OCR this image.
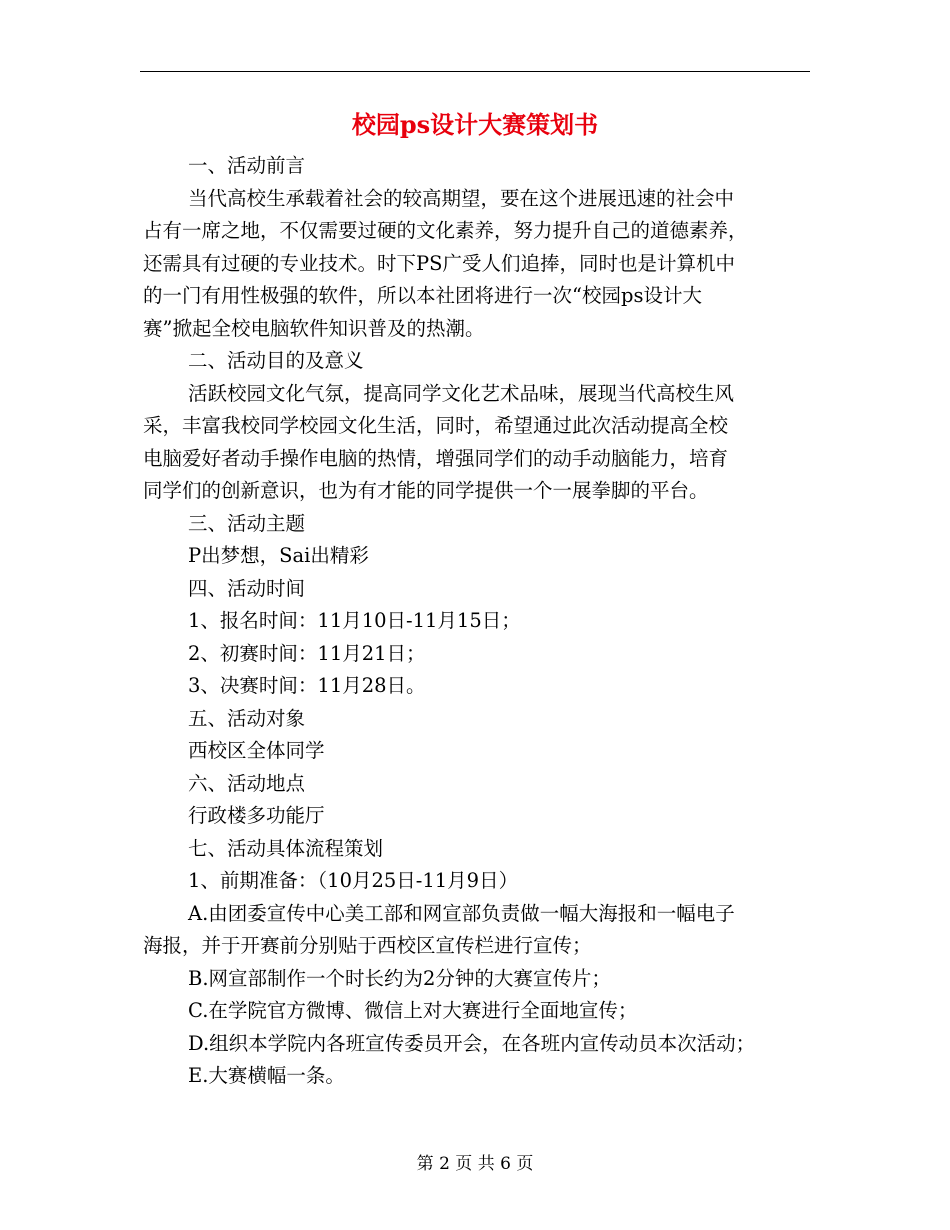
校园ps设计大赛策划书
一、活动前言
当代高校生承载着社会的较高期望，要在这个进展迅速的社会中
占有一席之地，不仅需要过硬的文化素养，努力提升自己的道德素养，
还需具有过硬的专业技术。时下PS广受人们追捧，同时也是计算机中
的一门有用性极强的软件，所以本社团将进行一次“校园ps设计大
赛”掀起全校电脑软件知识普及的热潮。
二、活动目的及意义
活跃校园文化气氛，提高同学文化艺术品味，展现当代高校生风
采，丰富我校同学校园文化生活，同时，希望通过此次活动提高全校
电脑爱好者动手操作电脑的热情，增强同学们的动手动脑能力，培育
同学们的创新意识，也为有才能的同学提供一个一展拳脚的平台。
三、活动主题
P出梦想，Sai出精彩
四、活动时间
1、报名时间：11月10日-11月15日；
2、初赛时间：11月21日；
3、决赛时间：11月28日。
五、活动对象
西校区全体同学
六、活动地点
行政楼多功能厅
七、活动具体流程策划
1、前期准备：（10月25日-11月9日）
A.由团委宣传中心美工部和网宣部负责做一幅大海报和一幅电子
海报，并于开赛前分别贴于西校区宣传栏进行宣传；
B.网宣部制作一个时长约为2分钟的大赛宣传片；
C.在学院官方微博、微信上对大赛进行全面地宣传；
D.组织本学院内各班宣传委员开会，在各班内宣传动员本次活动；
E.大赛横幅一条。
第 2 页 共 6 页
